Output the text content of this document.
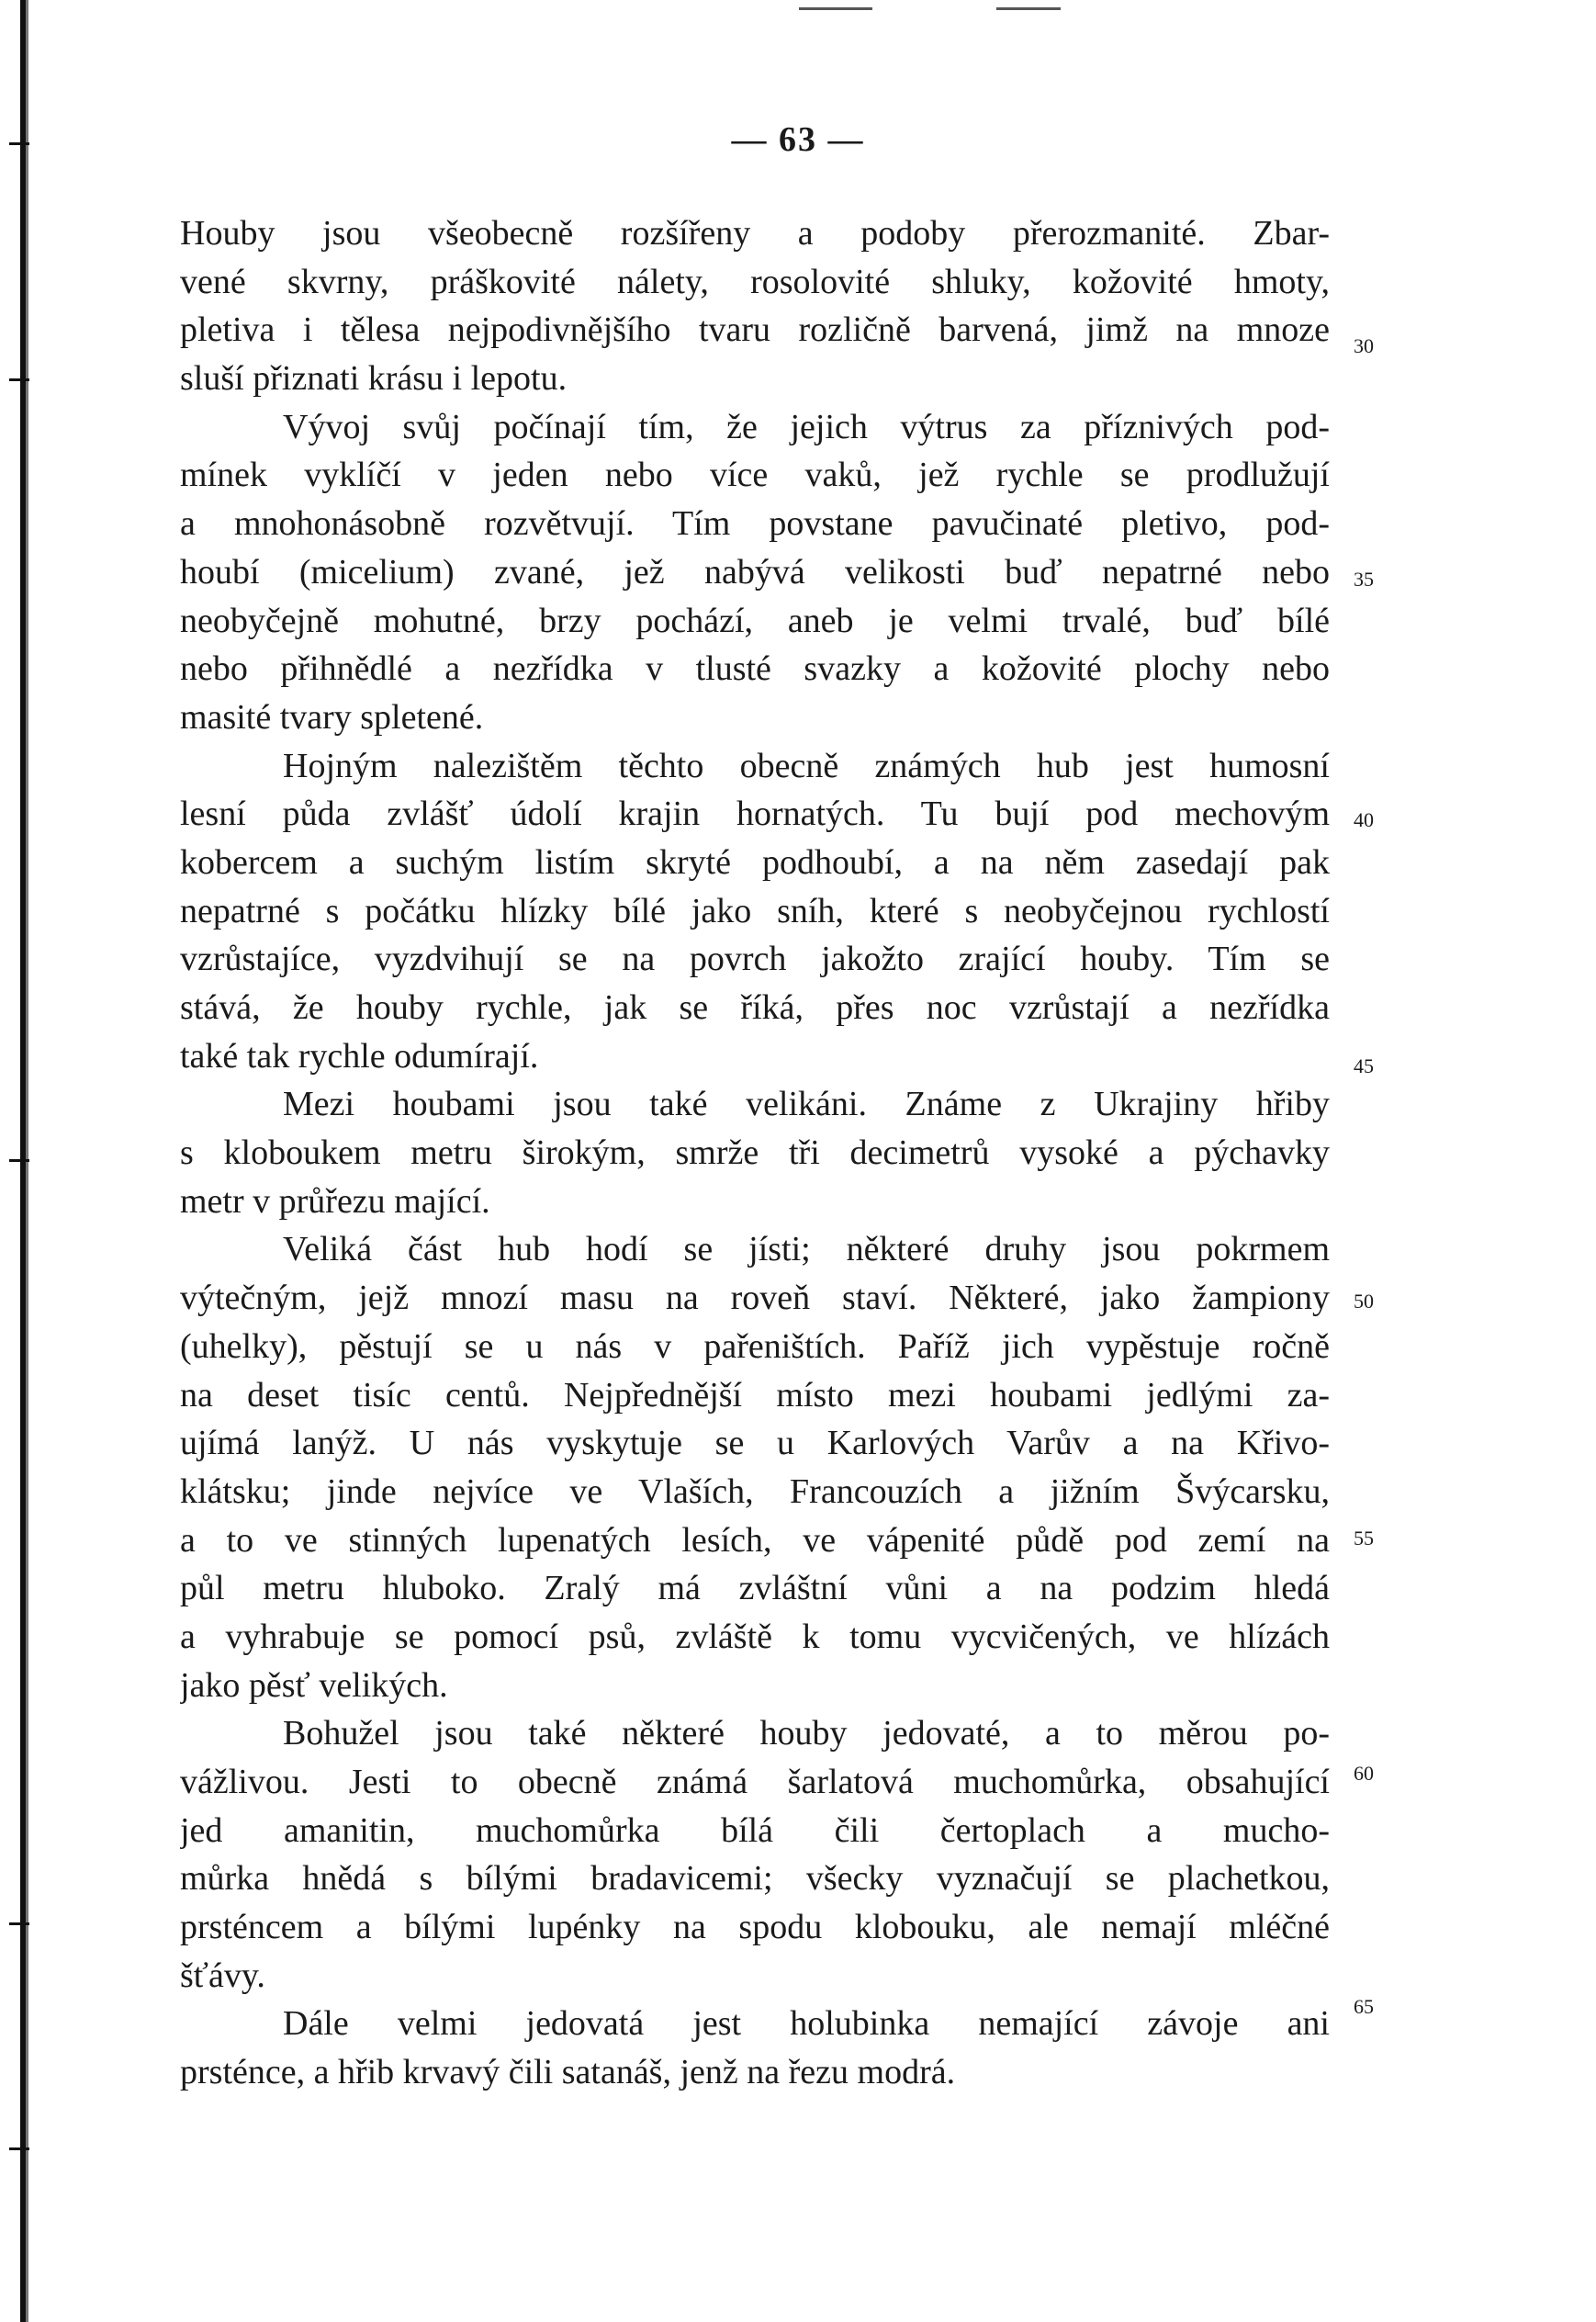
— 63 —
Houby jsou všeobecně rozšířeny a podoby přerozmanité. Zbar-
vené skvrny, práškovité nálety, rosolovité shluky, kožovité hmoty,
pletiva i tělesa nejpodivnějšího tvaru rozličně barvená, jimž na mnoze
sluší přiznati krásu i lepotu.
Vývoj svůj počínají tím, že jejich výtrus za příznivých pod-
mínek vyklíčí v jeden nebo více vaků, jež rychle se prodlužují
a mnohonásobně rozvětvují. Tím povstane pavučinaté pletivo, pod-
houbí (micelium) zvané, jež nabývá velikosti buď nepatrné nebo
neobyčejně mohutné, brzy pochází, aneb je velmi trvalé, buď bílé
nebo přihnědlé a nezřídka v tlusté svazky a kožovité plochy nebo
masité tvary spletené.
Hojným nalezištěm těchto obecně známých hub jest humosní
lesní půda zvlášť údolí krajin hornatých. Tu bují pod mechovým
kobercem a suchým listím skryté podhoubí, a na něm zasedají pak
nepatrné s počátku hlízky bílé jako sníh, které s neobyčejnou rychlostí
vzrůstajíce, vyzdvihují se na povrch jakožto zrající houby. Tím se
stává, že houby rychle, jak se říká, přes noc vzrůstají a nezřídka
také tak rychle odumírají.
Mezi houbami jsou také velikáni. Známe z Ukrajiny hřiby
s kloboukem metru širokým, smrže tři decimetrů vysoké a pýchavky
metr v průřezu mající.
Veliká část hub hodí se jísti; některé druhy jsou pokrmem
výtečným, jejž mnozí masu na roveň staví. Některé, jako žampiony
(uhelky), pěstují se u nás v pařeništích. Paříž jich vypěstuje ročně
na deset tisíc centů. Nejpřednější místo mezi houbami jedlými za-
ujímá lanýž. U nás vyskytuje se u Karlových Varův a na Křivo-
klátsku; jinde nejvíce ve Vlaších, Francouzích a jižním Švýcarsku,
a to ve stinných lupenatých lesích, ve vápenité půdě pod zemí na
půl metru hluboko. Zralý má zvláštní vůni a na podzim hledá
a vyhrabuje se pomocí psů, zvláště k tomu vycvičených, ve hlízách
jako pěsť velikých.
Bohužel jsou také některé houby jedovaté, a to měrou po-
vážlivou. Jesti to obecně známá šarlatová muchomůrka, obsahující
jed amanitin, muchomůrka bílá čili čertoplach a mucho-
můrka hnědá s bílými bradavicemi; všecky vyznačují se plachetkou,
prsténcem a bílými lupénky na spodu klobouku, ale nemají mléčné
šťávy.
Dále velmi jedovatá jest holubinka nemající závoje ani
prsténce, a hřib krvavý čili satanáš, jenž na řezu modrá.
30
35
40
45
50
55
60
65
